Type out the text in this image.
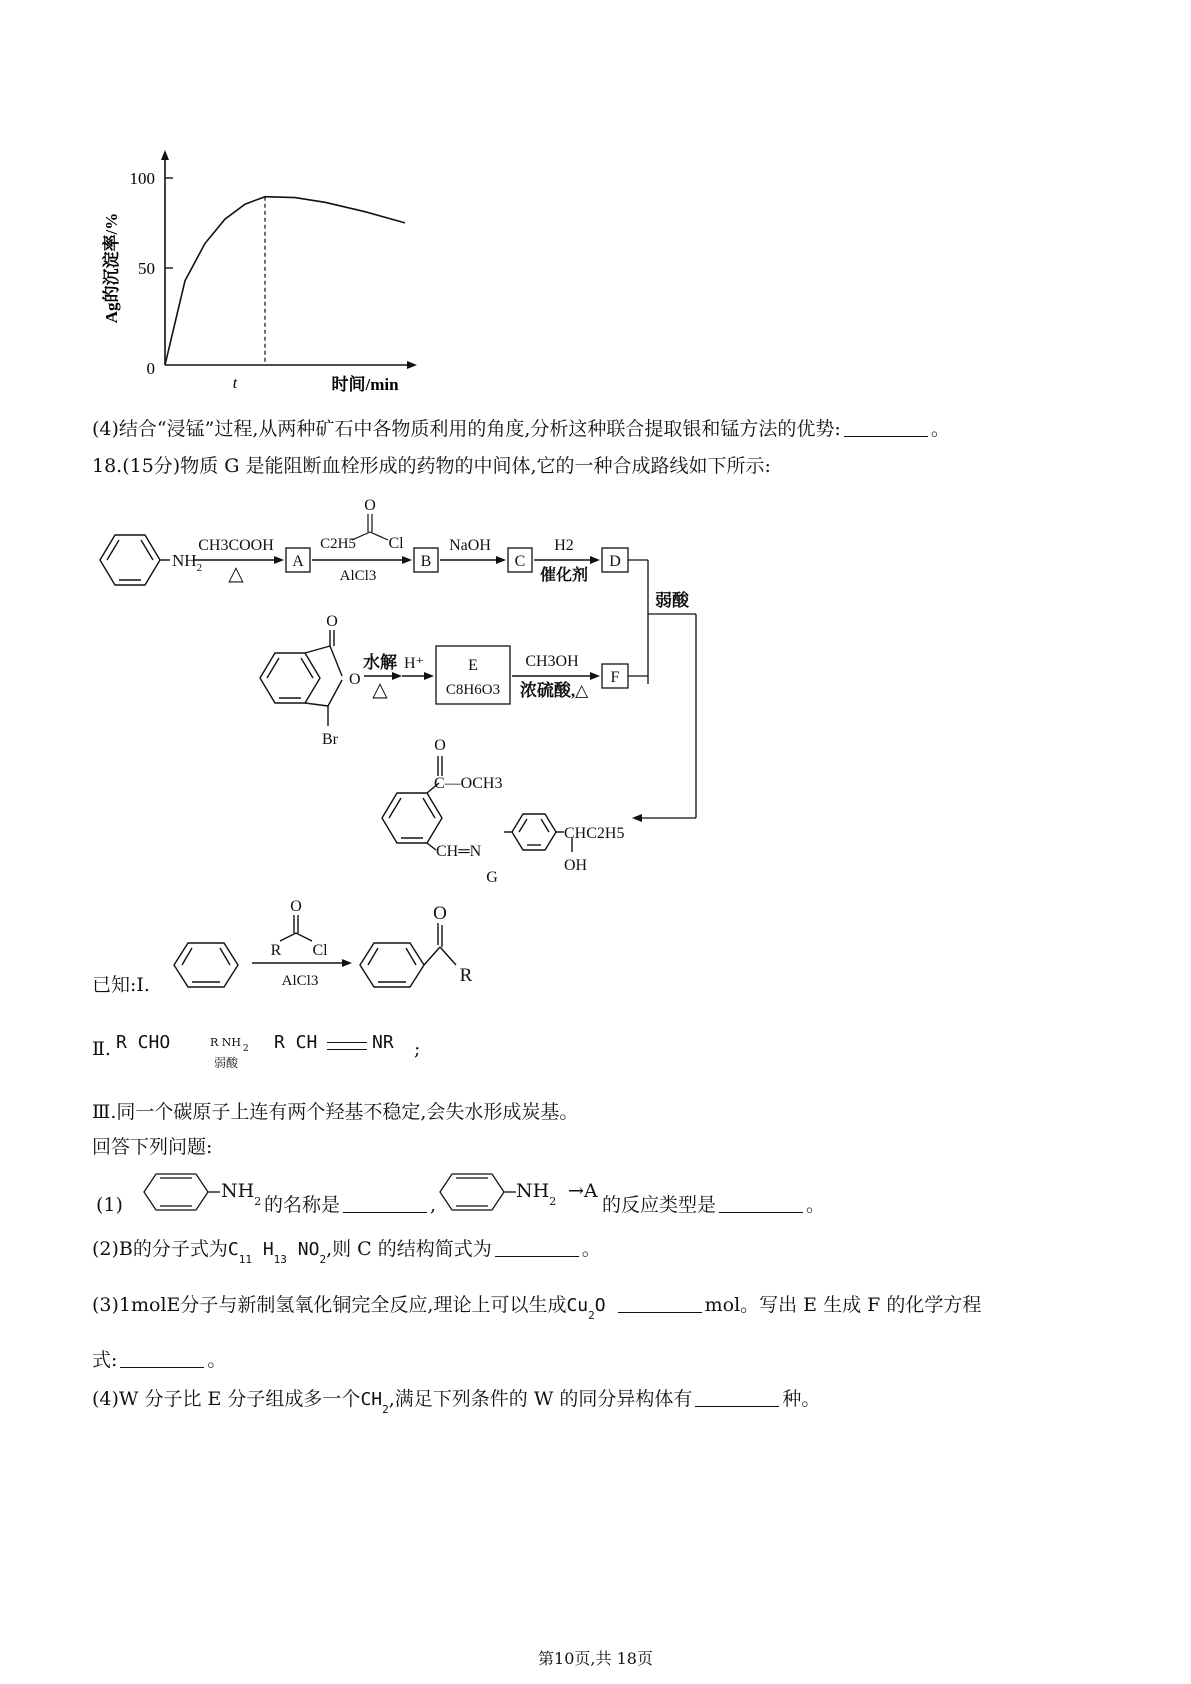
100
50
0
t	时间/min
Ag的沉淀率/%
(4)结合“浸锰”过程,从两种矿石中各物质利用的角度,分析这种联合提取银和锰方法的优势:	。
18.(15分)物质 G 是能阻断血栓形成的药物的中间体,它的一种合成路线如下所示:
$NH_2$
CH3COOH
△
A
O
C2H5 Cl
AlCl3
B
NaOH
C
H2
催化剂
D
弱酸
O
O
Br
水解
△
H⁺	E
C8H6O3
CH3OH
浓硫酸,△
F
O
C—OCH3
CH═N
CHC2H5
OH
G
O
R Cl
AlCl3
O
R
已知:Ⅰ.
Ⅱ. R CHO	R NH $_2$
弱酸
R CH	NR ;
Ⅲ.同一个碳原子上连有两个羟基不稳定,会失水形成炭基。
回答下列问题:
(1)
$NH_2$ 的名称是	,
$NH_2 \to A$
的反应类型是	。
(2)B的分子式为$C_{11}$ $H_{13}$ $NO_2$,则 C 的结构简式为	。
(3)1molE分子与新制氢氧化铜完全反应,理论上可以生成$Cu_2O$	mol。写出 E 生成 F 的化学方程
式:	。
(4)W 分子比 E 分子组成多一个$CH_2$,满足下列条件的 W 的同分异构体有	种。
第10页,共 18页
